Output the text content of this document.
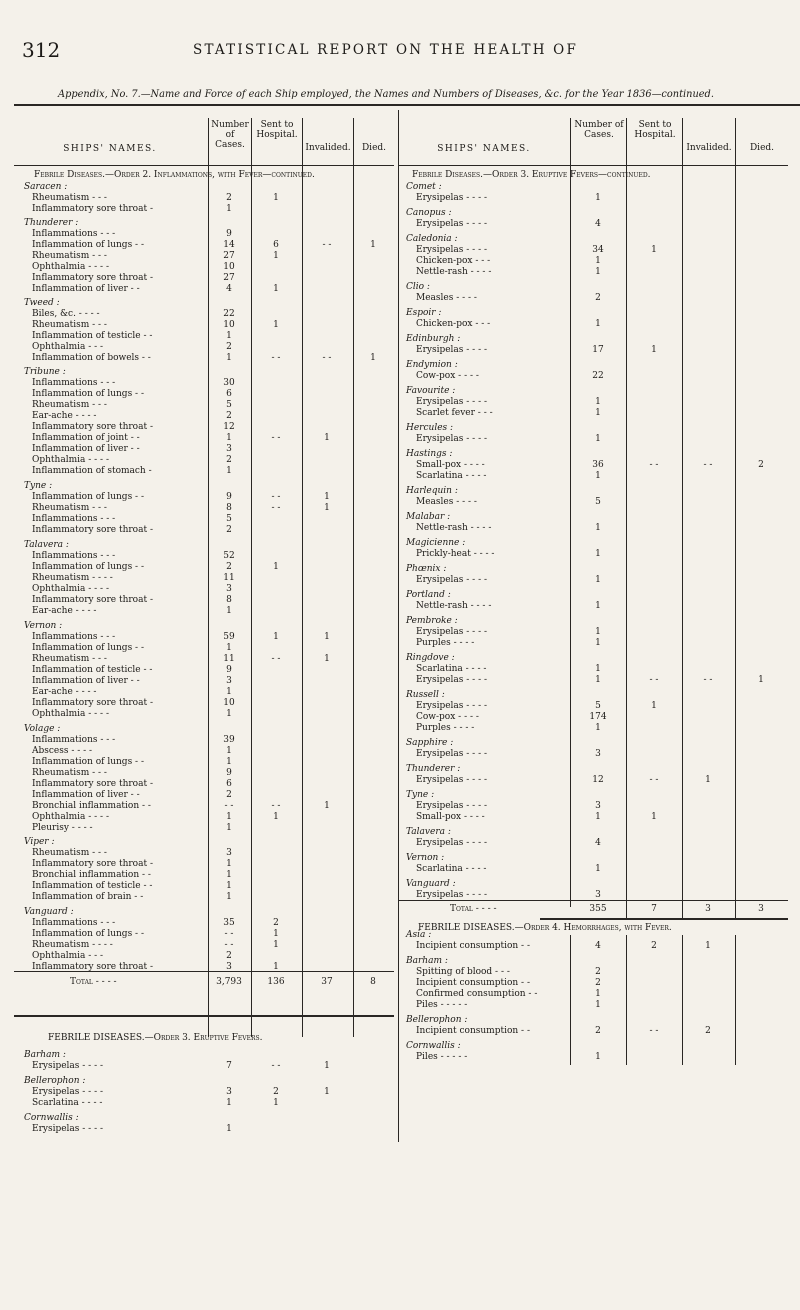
312	STATISTICAL REPORT ON THE HEALTH OF
Appendix, No. 7.—Name and Force of each Ship employed, the Names and Numbers of Diseases, &c. for the Year 1836—continued.
SHIPS' NAMES.
Number of Cases.
Sent to Hospital.
Invalided.	Died.
Febrile Diseases.—Order 2. Inflammations, with Fever—continued.
FEBRILE DISEASES.—Order 3. Eruptive Fevers.
Total - - - -	3,793	136	37	8
SHIPS' NAMES.
Number of Cases.
Sent to Hospital.
Invalided.	Died.
Febrile Diseases.—Order 3. Eruptive Fevers—continued.
FEBRILE DISEASES.—Order 4. Hemorrhages, with Fever.
Total - - - -	355	7	3	3
Saracen :
Rheumatism - - -	2	1
Inflammatory sore throat -	1
Thunderer :
Inflammations - - -	9
Inflammation of lungs - -	14	6	- -	1
Rheumatism - - -	27	1
Ophthalmia - - - -	10
Inflammatory sore throat -	27
Inflammation of liver - -	4	1
Tweed :
Biles, &c. - - - -	22
Rheumatism - - -	10	1
Inflammation of testicle - -	1
Ophthalmia - - -	2
Inflammation of bowels - -	1	- -	- -	1
Tribune :
Inflammations - - -	30
Inflammation of lungs - -	6
Rheumatism - - -	5
Ear-ache - - - -	2
Inflammatory sore throat -	12
Inflammation of joint - -	1	- -	1
Inflammation of liver - -	3
Ophthalmia - - - -	2
Inflammation of stomach -	1
Tyne :
Inflammation of lungs - -	9	- -	1
Rheumatism - - -	8	- -	1
Inflammations - - -	5
Inflammatory sore throat -	2
Talavera :
Inflammations - - -	52
Inflammation of lungs - -	2	1
Rheumatism - - - -	11
Ophthalmia - - - -	3
Inflammatory sore throat -	8
Ear-ache - - - -	1
Vernon :
Inflammations - - -	59	1	1
Inflammation of lungs - -	1
Rheumatism - - -	11	- -	1
Inflammation of testicle - -	9
Inflammation of liver - -	3
Ear-ache - - - -	1
Inflammatory sore throat -	10
Ophthalmia - - - -	1
Volage :
Inflammations - - -	39
Abscess - - - -	1
Inflammation of lungs - -	1
Rheumatism - - -	9
Inflammatory sore throat -	6
Inflammation of liver - -	2
Bronchial inflammation - -	- -	- -	1
Ophthalmia - - - -	1	1
Pleurisy - - - -	1
Viper :
Rheumatism - - -	3
Inflammatory sore throat -	1
Bronchial inflammation - -	1
Inflammation of testicle - -	1
Inflammation of brain - -	1
Vanguard :
Inflammations - - -	35	2
Inflammation of lungs - -	- -	1
Rheumatism - - - -	- -	1
Ophthalmia - - -	2
Inflammatory sore throat -	3	1
Barham :
Erysipelas - - - -	7	- -	1
Bellerophon :
Erysipelas - - - -	3	2	1
Scarlatina - - - -	1	1
Cornwallis :
Erysipelas - - - -	1
Comet :
Erysipelas - - - -	1
Canopus :
Erysipelas - - - -	4
Caledonia :
Erysipelas - - - -	34	1
Chicken-pox - - -	1
Nettle-rash - - - -	1
Clio :
Measles - - - -	2
Espoir :
Chicken-pox - - -	1
Edinburgh :
Erysipelas - - - -	17	1
Endymion :
Cow-pox - - - -	22
Favourite :
Erysipelas - - - -	1
Scarlet fever - - -	1
Hercules :
Erysipelas - - - -	1
Hastings :
Small-pox - - - -	36	- -	- -	2
Scarlatina - - - -	1
Harlequin :
Measles - - - -	5
Malabar :
Nettle-rash - - - -	1
Magicienne :
Prickly-heat - - - -	1
Phœnix :
Erysipelas - - - -	1
Portland :
Nettle-rash - - - -	1
Pembroke :
Erysipelas - - - -	1
Purples - - - -	1
Ringdove :
Scarlatina - - - -	1
Erysipelas - - - -	1	- -	- -	1
Russell :
Erysipelas - - - -	5	1
Cow-pox - - - -	174
Purples - - - -	1
Sapphire :
Erysipelas - - - -	3
Thunderer :
Erysipelas - - - -	12	- -	1
Tyne :
Erysipelas - - - -	3
Small-pox - - - -	1	1
Talavera :
Erysipelas - - - -	4
Vernon :
Scarlatina - - - -	1
Vanguard :
Erysipelas - - - -	3
Asia :
Incipient consumption - -	4	2	1
Barham :
Spitting of blood - - -	2
Incipient consumption - -	2
Confirmed consumption - -	1
Piles - - - - -	1
Bellerophon :
Incipient consumption - -	2	- -	2
Cornwallis :
Piles - - - - -	1
